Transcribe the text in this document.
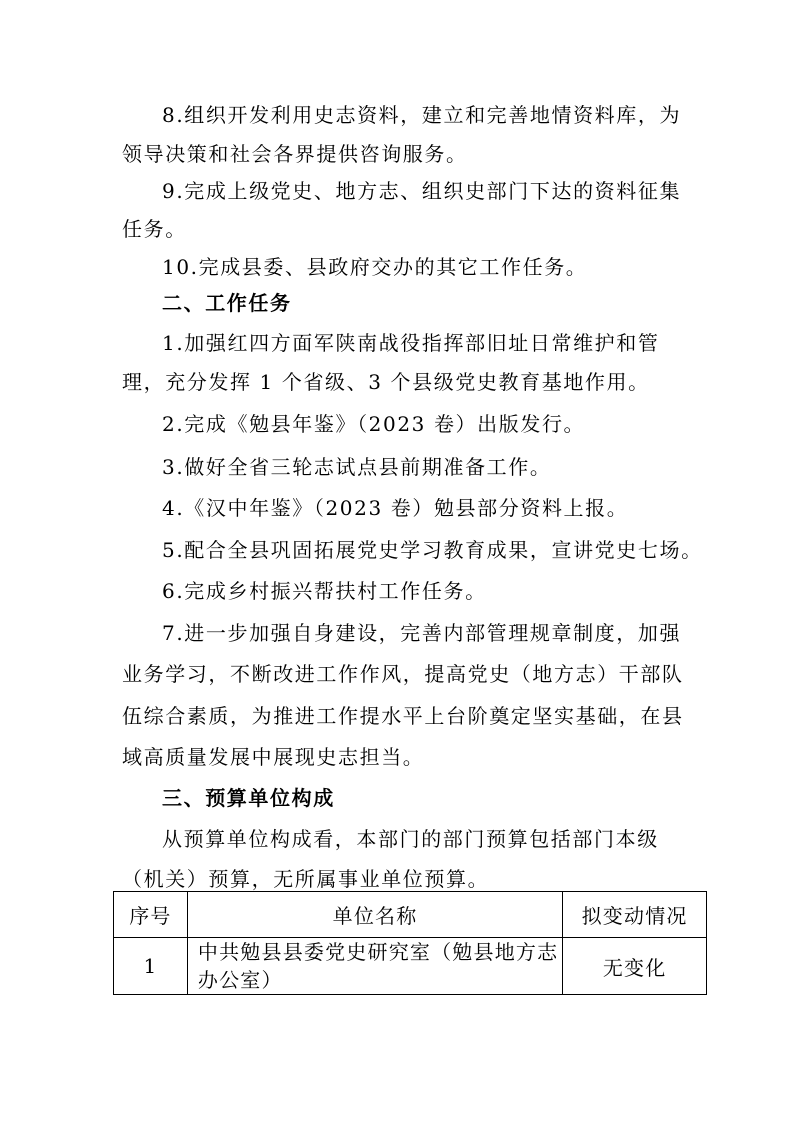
8.组织开发利用史志资料，建立和完善地情资料库，为
领导决策和社会各界提供咨询服务。
9.完成上级党史、地方志、组织史部门下达的资料征集
任务。
10.完成县委、县政府交办的其它工作任务。
二、工作任务
1.加强红四方面军陕南战役指挥部旧址日常维护和管
理，充分发挥 1 个省级、3 个县级党史教育基地作用。
2.完成《勉县年鉴》（2023 卷）出版发行。
3.做好全省三轮志试点县前期准备工作。
4.《汉中年鉴》（2023 卷）勉县部分资料上报。
5.配合全县巩固拓展党史学习教育成果，宣讲党史七场。
6.完成乡村振兴帮扶村工作任务。
7.进一步加强自身建设，完善内部管理规章制度，加强
业务学习，不断改进工作作风，提高党史（地方志）干部队
伍综合素质，为推进工作提水平上台阶奠定坚实基础，在县
域高质量发展中展现史志担当。
三、预算单位构成
从预算单位构成看，本部门的部门预算包括部门本级
（机关）预算，无所属事业单位预算。
序号	单位名称	拟变动情况
1	中共勉县县委党史研究室（勉县地方志
办公室）	无变化
